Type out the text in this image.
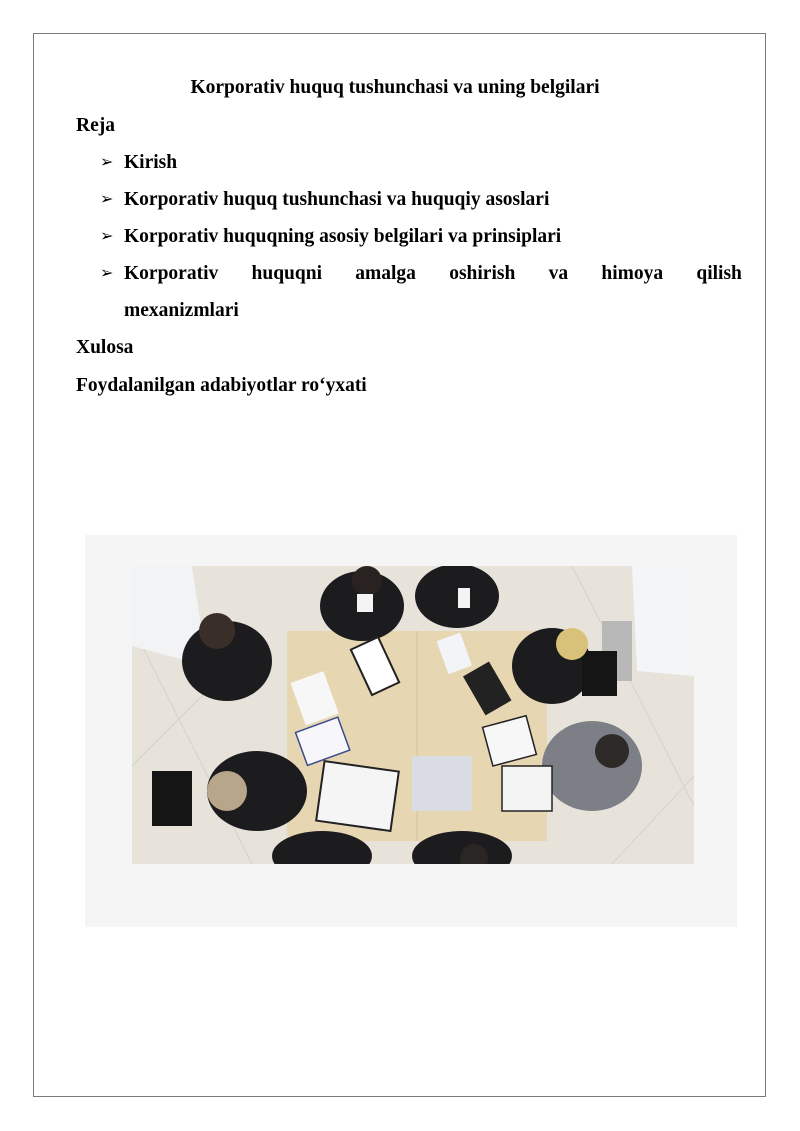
Korporativ huquq tushunchasi va uning belgilari
Reja
➢ Kirish
➢ Korporativ huquq tushunchasi va huquqiy asoslari
➢ Korporativ huquqning asosiy belgilari va prinsiplari
➢ Korporativ huquqni amalga oshirish va himoya qilish
mexanizmlari
Xulosa
Foydalanilgan adabiyotlar ro‘yxati
